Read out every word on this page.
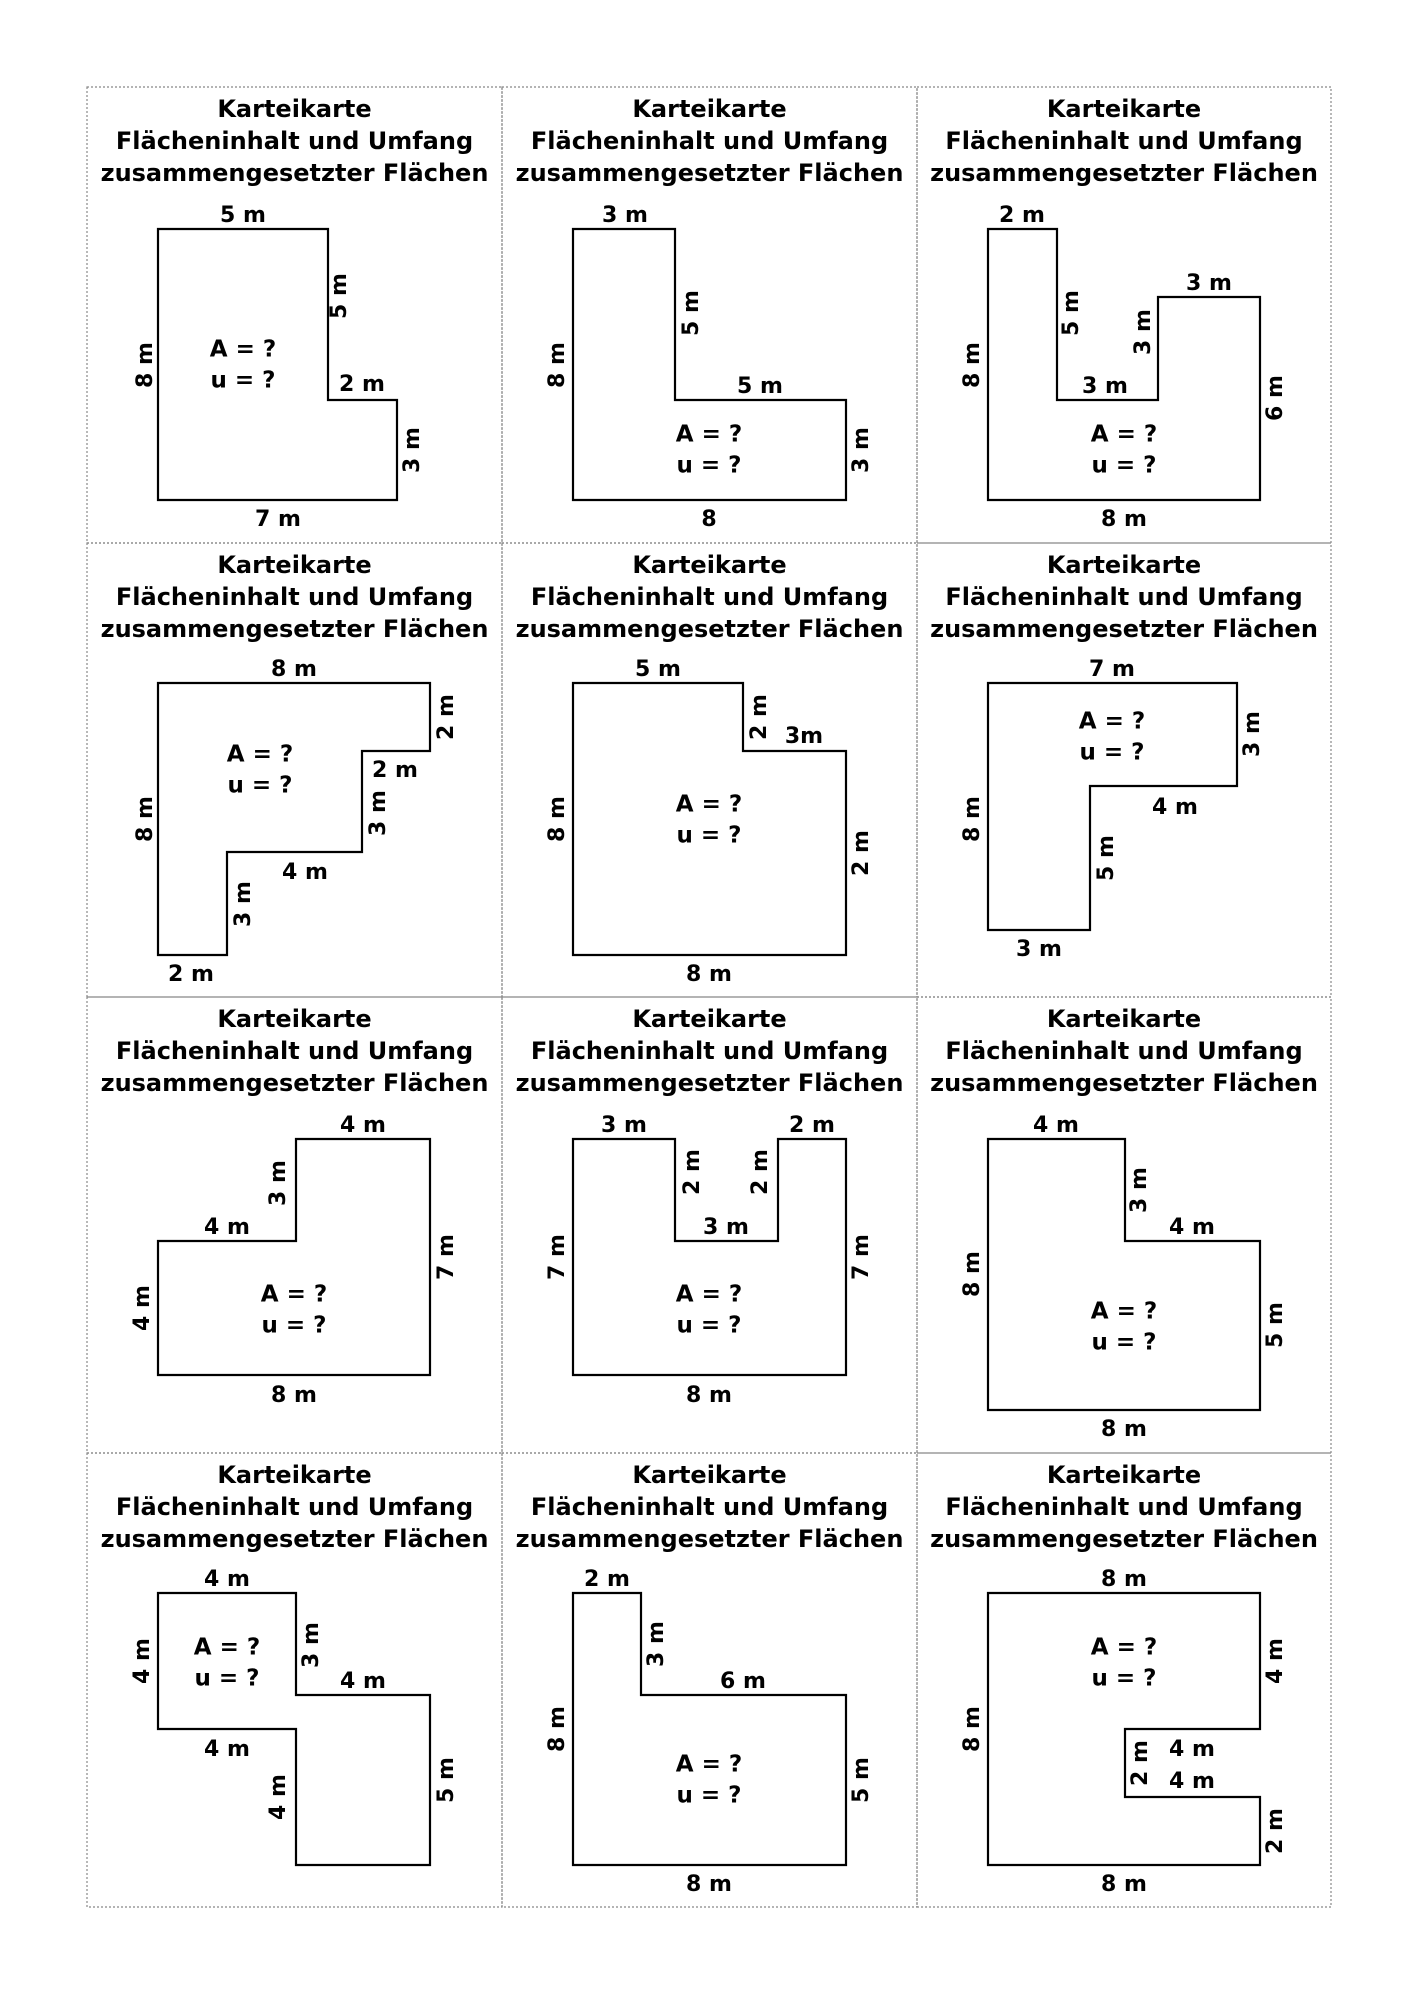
Karteikarte
Flächeninhalt und Umfang
zusammengesetzter Flächen
A = ?
u = ?
5 m
5 m
2 m
3 m
7 m
8 m
Karteikarte
Flächeninhalt und Umfang
zusammengesetzter Flächen
A = ?
u = ?
3 m
5 m
5 m
3 m
8
8 m
Karteikarte
Flächeninhalt und Umfang
zusammengesetzter Flächen
A = ?
u = ?
2 m
5 m
3 m
3 m
3 m
6 m
8 m
8 m
Karteikarte
Flächeninhalt und Umfang
zusammengesetzter Flächen
A = ?
u = ?
8 m
2 m
2 m
3 m
4 m
3 m
2 m
8 m
Karteikarte
Flächeninhalt und Umfang
zusammengesetzter Flächen
A = ?
u = ?
5 m
2 m 3m
2 m
8 m
8 m
Karteikarte
Flächeninhalt und Umfang
zusammengesetzter Flächen
A = ?
u = ?
7 m
3 m
4 m
5 m
3 m
8 m
Karteikarte
Flächeninhalt und Umfang
zusammengesetzter Flächen
A = ?
u = ?
4 m
3 m
4 m
7 m
8 m
4 m
Karteikarte
Flächeninhalt und Umfang
zusammengesetzter Flächen
A = ?
u = ?
3 m
2 m 2 m
2 m
3 m
7 m	7 m
8 m
Karteikarte
Flächeninhalt und Umfang
zusammengesetzter Flächen
A = ?
u = ?
4 m
3 m
4 m
8 m
5 m
8 m
Karteikarte
Flächeninhalt und Umfang
zusammengesetzter Flächen
A = ?
u = ?
4 m
4 m	3 m
4 m
4 m
4 m	5 m
Karteikarte
Flächeninhalt und Umfang
zusammengesetzter Flächen
A = ?
u = ?
2 m
3 m
6 m
8 m
5 m
8 m
Karteikarte
Flächeninhalt und Umfang
zusammengesetzter Flächen
A = ?
u = ?
8 m
4 m
8 m
2 m 4 m
4 m
2 m
8 m
